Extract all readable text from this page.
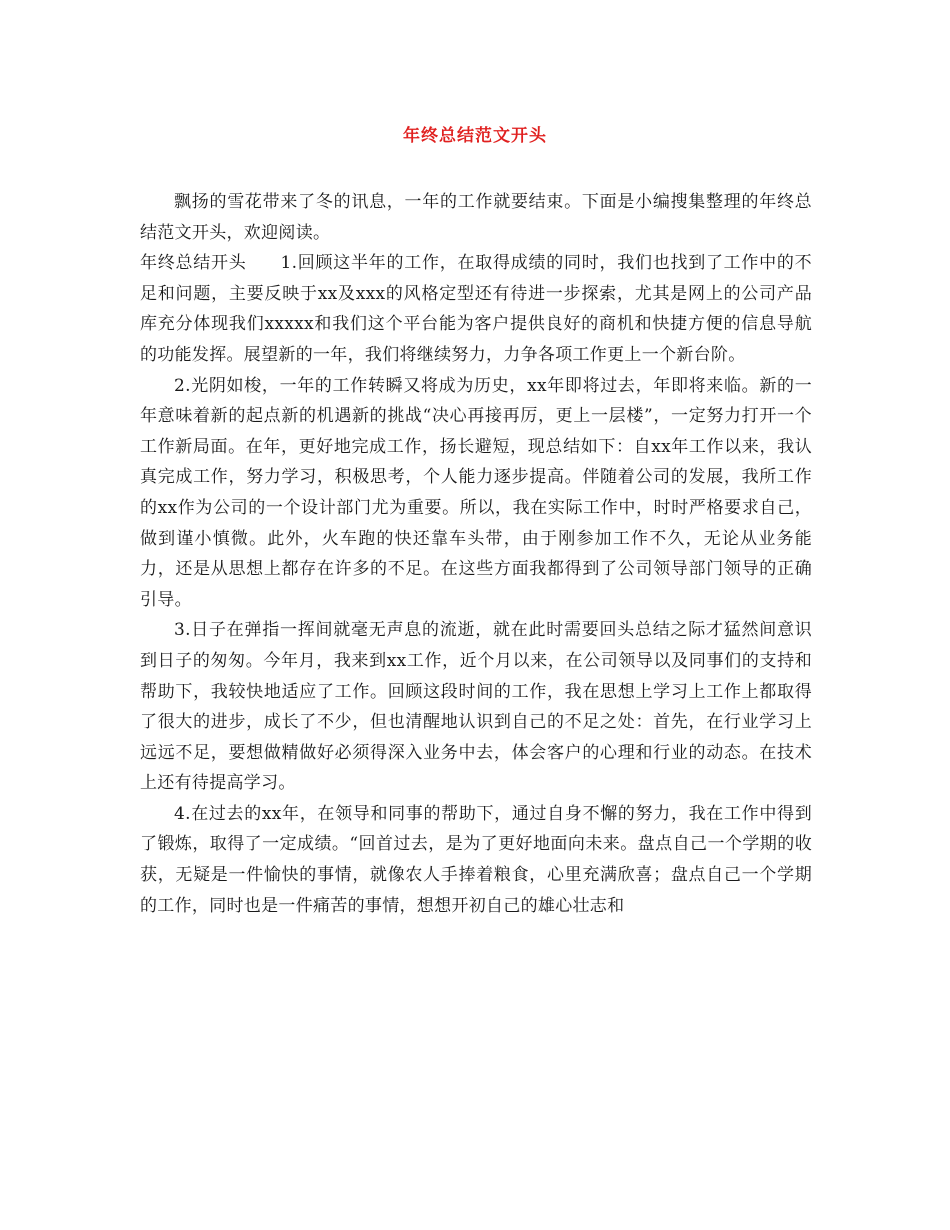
年终总结范文开头

飘扬的雪花带来了冬的讯息，一年的工作就要结束。下面是小编搜集整理的年终总结范文开头，欢迎阅读。

年终总结开头 1.回顾这半年的工作，在取得成绩的同时，我们也找到了工作中的不足和问题，主要反映于xx及xxx的风格定型还有待进一步探索，尤其是网上的公司产品库充分体现我们xxxxx和我们这个平台能为客户提供良好的商机和快捷方便的信息导航的功能发挥。展望新的一年，我们将继续努力，力争各项工作更上一个新台阶。

2.光阴如梭，一年的工作转瞬又将成为历史，xx年即将过去，年即将来临。新的一年意味着新的起点新的机遇新的挑战“决心再接再厉，更上一层楼”，一定努力打开一个工作新局面。在年，更好地完成工作，扬长避短，现总结如下：自xx年工作以来，我认真完成工作，努力学习，积极思考，个人能力逐步提高。伴随着公司的发展，我所工作的xx作为公司的一个设计部门尤为重要。所以，我在实际工作中，时时严格要求自己，做到谨小慎微。此外，火车跑的快还靠车头带，由于刚参加工作不久，无论从业务能力，还是从思想上都存在许多的不足。在这些方面我都得到了公司领导部门领导的正确引导。

3.日子在弹指一挥间就毫无声息的流逝，就在此时需要回头总结之际才猛然间意识到日子的匆匆。今年月，我来到xx工作，近个月以来，在公司领导以及同事们的支持和帮助下，我较快地适应了工作。回顾这段时间的工作，我在思想上学习上工作上都取得了很大的进步，成长了不少，但也清醒地认识到自己的不足之处：首先，在行业学习上远远不足，要想做精做好必须得深入业务中去，体会客户的心理和行业的动态。在技术上还有待提高学习。

4.在过去的xx年，在领导和同事的帮助下，通过自身不懈的努力，我在工作中得到了锻炼，取得了一定成绩。“回首过去，是为了更好地面向未来。盘点自己一个学期的收获，无疑是一件愉快的事情，就像农人手捧着粮食，心里充满欣喜；盘点自己一个学期的工作，同时也是一件痛苦的事情，想想开初自己的雄心壮志和
